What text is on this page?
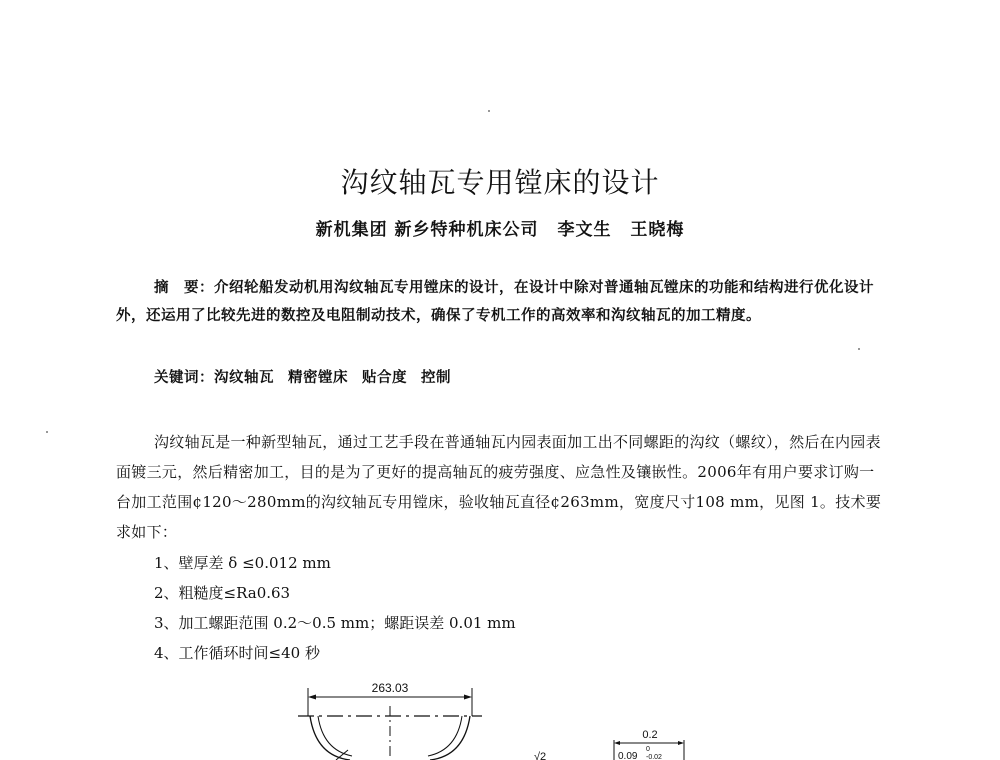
沟纹轴瓦专用镗床的设计
新机集团 新乡特种机床公司 李文生 王晓梅
摘　要：介绍轮船发动机用沟纹轴瓦专用镗床的设计，在设计中除对普通轴瓦镗床的功能和结构进行优化设计外，还运用了比较先进的数控及电阻制动技术，确保了专机工作的高效率和沟纹轴瓦的加工精度。
关键词：沟纹轴瓦 精密镗床 贴合度 控制

沟纹轴瓦是一种新型轴瓦，通过工艺手段在普通轴瓦内园表面加工出不同螺距的沟纹（螺纹），然后在内园表面镀三元，然后精密加工，目的是为了更好的提高轴瓦的疲劳强度、应急性及镶嵌性。2006年有用户要求订购一台加工范围¢120～280mm的沟纹轴瓦专用镗床，验收轴瓦直径¢263mm，宽度尺寸108 mm，见图 1。技术要求如下：

1、壁厚差 δ ≤0.012 mm
2、粗糙度≤Ra0.63
3、加工螺距范围 0.2～0.5 mm；螺距误差 0.01 mm
4、工作循环时间≤40 秒
263.03
√2
0.2
0.09
0
-0.02
